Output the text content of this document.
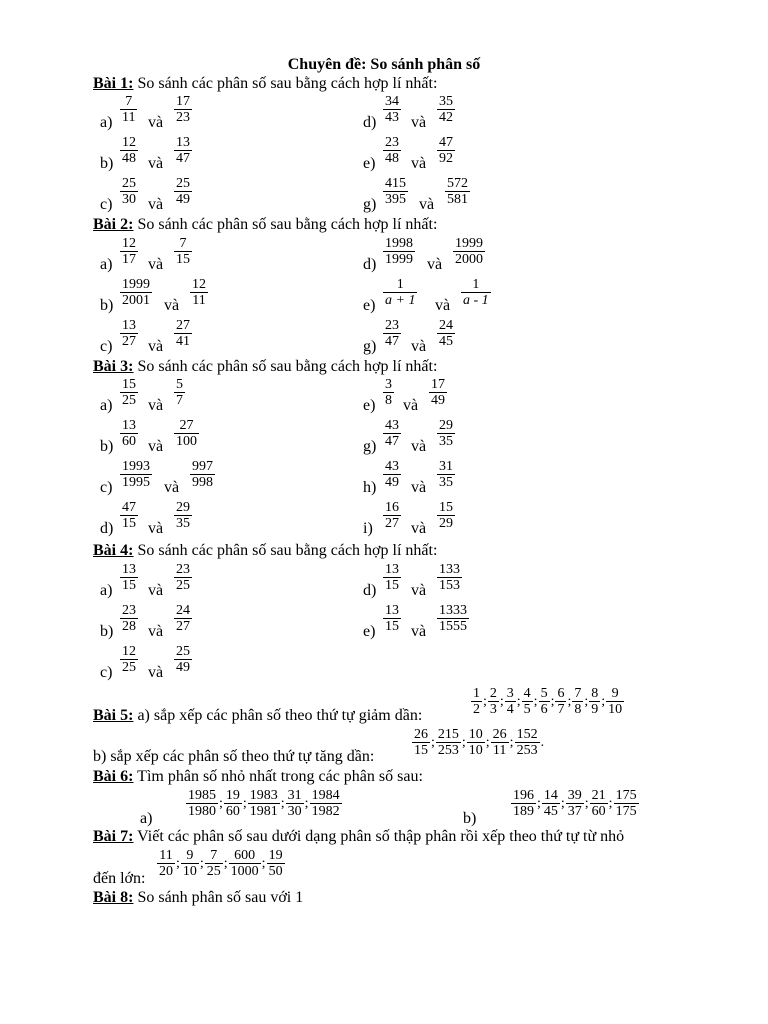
Chuyên đề: So sánh phân số
Bài 1: So sánh các phân số sau bằng cách hợp lí nhất:
$a) \frac{7}{11}$ và $\frac{17}{23}$	$d) \frac{34}{43}$ và $\frac{35}{42}$
$b) \frac{12}{48}$ và $\frac{13}{47}$	$e) \frac{23}{48}$ và $\frac{47}{92}$
$c) \frac{25}{30}$ và $\frac{25}{49}$	$g) \frac{415}{395}$ và $\frac{572}{581}$
Bài 2: So sánh các phân số sau bằng cách hợp lí nhất:
$a) \frac{12}{17}$ và $\frac{7}{15}$	$d) \frac{1998}{1999}$ và $\frac{1999}{2000}$
$b) \frac{1999}{2001}$ và $\frac{12}{11}$	$e) \frac{1}{a + 1}$ và $\frac{1}{a - 1}$
$c) \frac{13}{27}$ và $\frac{27}{41}$	$g) \frac{23}{47}$ và $\frac{24}{45}$
Bài 3: So sánh các phân số sau bằng cách hợp lí nhất:
$a) \frac{15}{25}$ và $\frac{5}{7}$	$e) \frac{3}{8}$ và $\frac{17}{49}$
$b) \frac{13}{60}$ và $\frac{27}{100}$	$g) \frac{43}{47}$ và $\frac{29}{35}$
$c) \frac{1993}{1995}$ và $\frac{997}{998}$	$h) \frac{43}{49}$ và $\frac{31}{35}$
$d) \frac{47}{15}$ và $\frac{29}{35}$	$i) \frac{16}{27}$ và $\frac{15}{29}$
Bài 4: So sánh các phân số sau bằng cách hợp lí nhất:
$a) \frac{13}{15}$ và $\frac{23}{25}$	$d) \frac{13}{15}$ và $\frac{133}{153}$
$b) \frac{23}{28}$ và $\frac{24}{27}$	$e) \frac{13}{15}$ và $\frac{1333}{1555}$
$c) \frac{12}{25}$ và $\frac{25}{49}$
$\frac{1}{2}$ ; $\frac{2}{3}$ ; $\frac{3}{4}$ ; $\frac{4}{5}$ ; $\frac{5}{6}$ ; $\frac{6}{7}$ ; $\frac{7}{8}$ ; $\frac{8}{9}$ ; $\frac{9}{10}$
Bài 5: a) sắp xếp các phân số theo thứ tự giảm dần:
b) sắp xếp các phân số theo thứ tự tăng dần:	$\frac{26}{15}$ ; $\frac{215}{253}$ ; $\frac{10}{10}$ ; $\frac{26}{11}$ ; $\frac{152}{253}$ .
Bài 6: Tìm phân số nhỏ nhất trong các phân số sau:
$a) \frac{1985}{1980}$ ; $\frac{19}{60}$ ; $\frac{1983}{1981}$ ; $\frac{31}{30}$ ; $\frac{1984}{1982}$	$b) \frac{196}{189}$ ; $\frac{14}{45}$ ; $\frac{39}{37}$ ; $\frac{21}{60}$ ; $\frac{175}{175}$
Bài 7: Viết các phân số sau dưới dạng phân số thập phân rồi xếp theo thứ tự từ nhỏ
đến lớn: $\frac{11}{20}$ ; $\frac{9}{10}$ ; $\frac{7}{25}$ ; $\frac{600}{1000}$ ; $\frac{19}{50}$
Bài 8: So sánh phân số sau với 1
